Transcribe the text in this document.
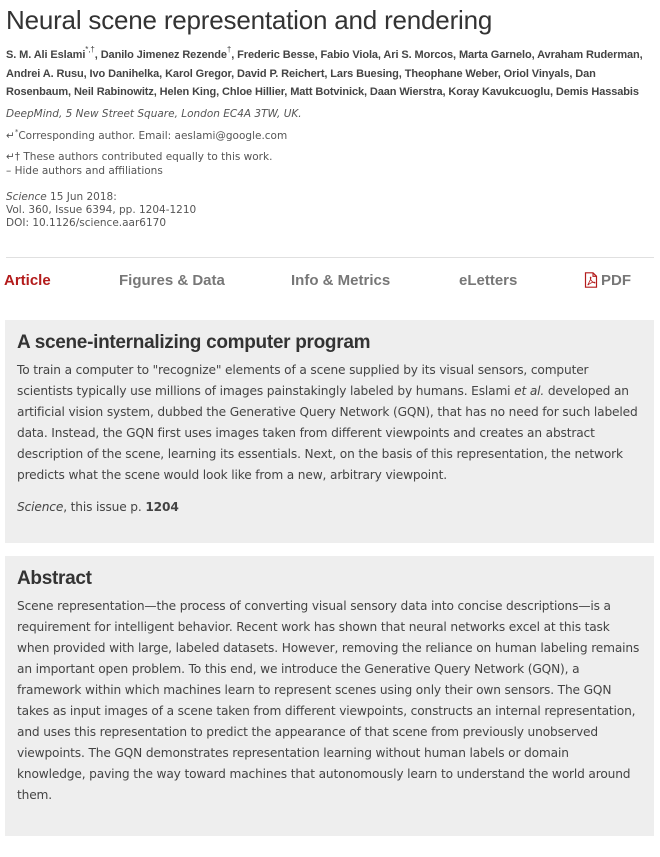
Neural scene representation and rendering
S. M. Ali Eslami*,†, Danilo Jimenez Rezende†, Frederic Besse, Fabio Viola, Ari S. Morcos, Marta Garnelo, Avraham Ruderman, Andrei A. Rusu, Ivo Danihelka, Karol Gregor, David P. Reichert, Lars Buesing, Theophane Weber, Oriol Vinyals, Dan Rosenbaum, Neil Rabinowitz, Helen King, Chloe Hillier, Matt Botvinick, Daan Wierstra, Koray Kavukcuoglu, Demis Hassabis
DeepMind, 5 New Street Square, London EC4A 3TW, UK.
↵*Corresponding author. Email: aeslami@google.com
↵† These authors contributed equally to this work.
– Hide authors and affiliations
Science 15 Jun 2018:
Vol. 360, Issue 6394, pp. 1204-1210
DOI: 10.1126/science.aar6170
Article	Figures & Data	Info & Metrics	eLetters	PDF
A scene-internalizing computer program

To train a computer to "recognize" elements of a scene supplied by its visual sensors, computer scientists typically use millions of images painstakingly labeled by humans. Eslami et al. developed an artificial vision system, dubbed the Generative Query Network (GQN), that has no need for such labeled data. Instead, the GQN first uses images taken from different viewpoints and creates an abstract description of the scene, learning its essentials. Next, on the basis of this representation, the network predicts what the scene would look like from a new, arbitrary viewpoint.

Science, this issue p. 1204

Abstract

Scene representation—the process of converting visual sensory data into concise descriptions—is a requirement for intelligent behavior. Recent work has shown that neural networks excel at this task when provided with large, labeled datasets. However, removing the reliance on human labeling remains an important open problem. To this end, we introduce the Generative Query Network (GQN), a framework within which machines learn to represent scenes using only their own sensors. The GQN takes as input images of a scene taken from different viewpoints, constructs an internal representation, and uses this representation to predict the appearance of that scene from previously unobserved viewpoints. The GQN demonstrates representation learning without human labels or domain knowledge, paving the way toward machines that autonomously learn to understand the world around them.
